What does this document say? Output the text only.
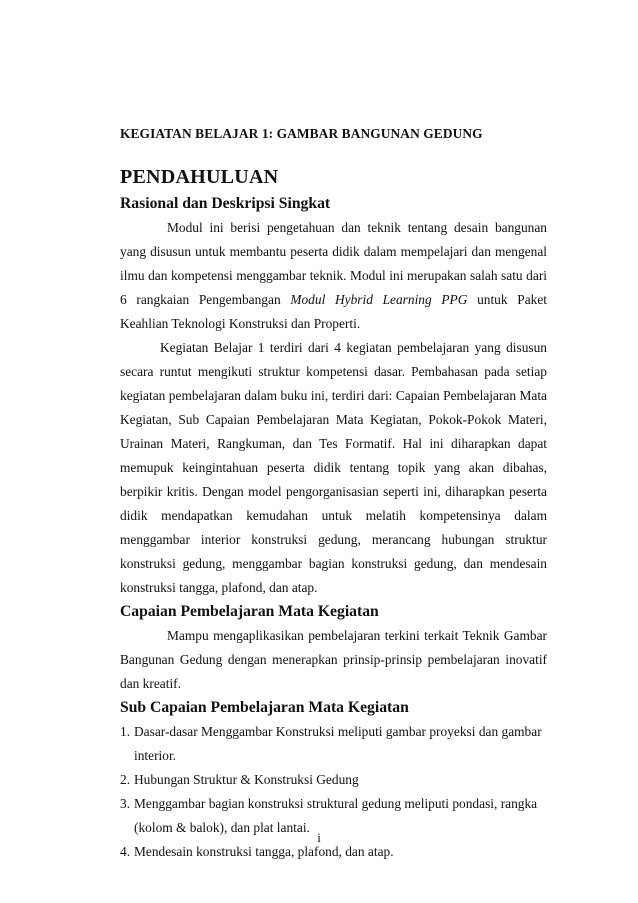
KEGIATAN BELAJAR 1: GAMBAR BANGUNAN GEDUNG
PENDAHULUAN
Rasional dan Deskripsi Singkat

Modul ini berisi pengetahuan dan teknik tentang desain bangunan yang disusun untuk membantu peserta didik dalam mempelajari dan mengenal ilmu dan kompetensi menggambar teknik. Modul ini merupakan salah satu dari 6 rangkaian Pengembangan Modul Hybrid Learning PPG untuk Paket Keahlian Teknologi Konstruksi dan Properti.

Kegiatan Belajar 1 terdiri dari 4 kegiatan pembelajaran yang disusun secara runtut mengikuti struktur kompetensi dasar. Pembahasan pada setiap kegiatan pembelajaran dalam buku ini, terdiri dari: Capaian Pembelajaran Mata Kegiatan, Sub Capaian Pembelajaran Mata Kegiatan, Pokok-Pokok Materi, Urainan Materi, Rangkuman, dan Tes Formatif. Hal ini diharapkan dapat memupuk keingintahuan peserta didik tentang topik yang akan dibahas, berpikir kritis. Dengan model pengorganisasian seperti ini, diharapkan peserta didik mendapatkan kemudahan untuk melatih kompetensinya dalam menggambar interior konstruksi gedung, merancang hubungan struktur konstruksi gedung, menggambar bagian konstruksi gedung, dan mendesain konstruksi tangga, plafond, dan atap.

Capaian Pembelajaran Mata Kegiatan

Mampu mengaplikasikan pembelajaran terkini terkait Teknik Gambar Bangunan Gedung dengan menerapkan prinsip-prinsip pembelajaran inovatif dan kreatif.

Sub Capaian Pembelajaran Mata Kegiatan
1. Dasar-dasar Menggambar Konstruksi meliputi gambar proyeksi dan gambar interior.
2. Hubungan Struktur & Konstruksi Gedung
3. Menggambar bagian konstruksi struktural gedung meliputi pondasi, rangka (kolom & balok), dan plat lantai.
4. Mendesain konstruksi tangga, plafond, dan atap.
i
